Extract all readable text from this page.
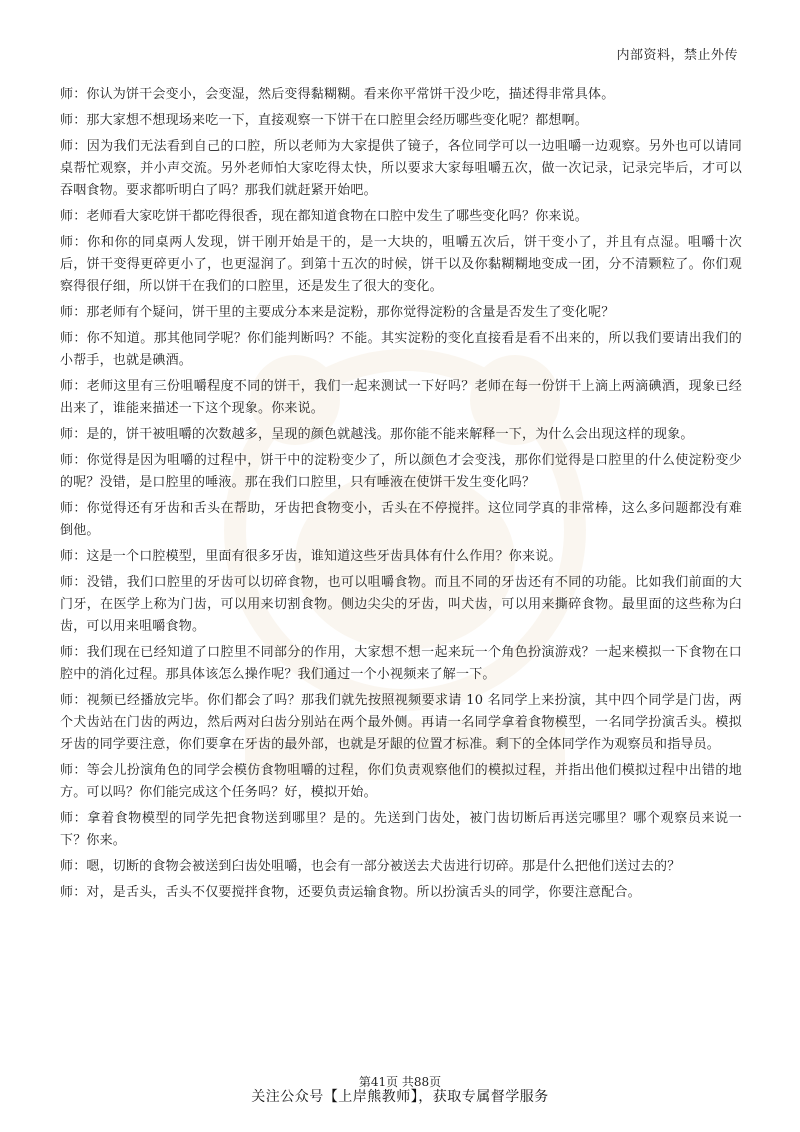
内部资料，禁止外传

师：你认为饼干会变小，会变湿，然后变得黏糊糊。看来你平常饼干没少吃，描述得非常具体。

师：那大家想不想现场来吃一下，直接观察一下饼干在口腔里会经历哪些变化呢？都想啊。

师：因为我们无法看到自己的口腔，所以老师为大家提供了镜子，各位同学可以一边咀嚼一边观察。另外也可以请同桌帮忙观察，并小声交流。另外老师怕大家吃得太快，所以要求大家每咀嚼五次，做一次记录，记录完毕后，才可以吞咽食物。要求都听明白了吗？那我们就赶紧开始吧。

师：老师看大家吃饼干都吃得很香，现在都知道食物在口腔中发生了哪些变化吗？你来说。

师：你和你的同桌两人发现，饼干刚开始是干的，是一大块的，咀嚼五次后，饼干变小了，并且有点湿。咀嚼十次后，饼干变得更碎更小了，也更湿润了。到第十五次的时候，饼干以及你黏糊糊地变成一团，分不清颗粒了。你们观察得很仔细，所以饼干在我们的口腔里，还是发生了很大的变化。

师：那老师有个疑问，饼干里的主要成分本来是淀粉，那你觉得淀粉的含量是否发生了变化呢？

师：你不知道。那其他同学呢？你们能判断吗？不能。其实淀粉的变化直接看是看不出来的，所以我们要请出我们的小帮手，也就是碘酒。

师：老师这里有三份咀嚼程度不同的饼干，我们一起来测试一下好吗？老师在每一份饼干上滴上两滴碘酒，现象已经出来了，谁能来描述一下这个现象。你来说。

师：是的，饼干被咀嚼的次数越多，呈现的颜色就越浅。那你能不能来解释一下，为什么会出现这样的现象。

师：你觉得是因为咀嚼的过程中，饼干中的淀粉变少了，所以颜色才会变浅，那你们觉得是口腔里的什么使淀粉变少的呢？没错，是口腔里的唾液。那在我们口腔里，只有唾液在使饼干发生变化吗？

师：你觉得还有牙齿和舌头在帮助，牙齿把食物变小，舌头在不停搅拌。这位同学真的非常棒，这么多问题都没有难倒他。

师：这是一个口腔模型，里面有很多牙齿，谁知道这些牙齿具体有什么作用？你来说。

师：没错，我们口腔里的牙齿可以切碎食物，也可以咀嚼食物。而且不同的牙齿还有不同的功能。比如我们前面的大门牙，在医学上称为门齿，可以用来切割食物。侧边尖尖的牙齿，叫犬齿，可以用来撕碎食物。最里面的这些称为臼齿，可以用来咀嚼食物。

师：我们现在已经知道了口腔里不同部分的作用，大家想不想一起来玩一个角色扮演游戏？一起来模拟一下食物在口腔中的消化过程。那具体该怎么操作呢？我们通过一个小视频来了解一下。

师：视频已经播放完毕。你们都会了吗？那我们就先按照视频要求请 10 名同学上来扮演，其中四个同学是门齿，两个犬齿站在门齿的两边，然后两对臼齿分别站在两个最外侧。再请一名同学拿着食物模型，一名同学扮演舌头。模拟牙齿的同学要注意，你们要拿在牙齿的最外部，也就是牙龈的位置才标准。剩下的全体同学作为观察员和指导员。

师：等会儿扮演角色的同学会模仿食物咀嚼的过程，你们负责观察他们的模拟过程，并指出他们模拟过程中出错的地方。可以吗？你们能完成这个任务吗？好，模拟开始。

师：拿着食物模型的同学先把食物送到哪里？是的。先送到门齿处，被门齿切断后再送完哪里？哪个观察员来说一下？你来。

师：嗯，切断的食物会被送到臼齿处咀嚼，也会有一部分被送去犬齿进行切碎。那是什么把他们送过去的？

师：对，是舌头，舌头不仅要搅拌食物，还要负责运输食物。所以扮演舌头的同学，你要注意配合。

第41页 共88页
关注公众号【上岸熊教师】，获取专属督学服务
